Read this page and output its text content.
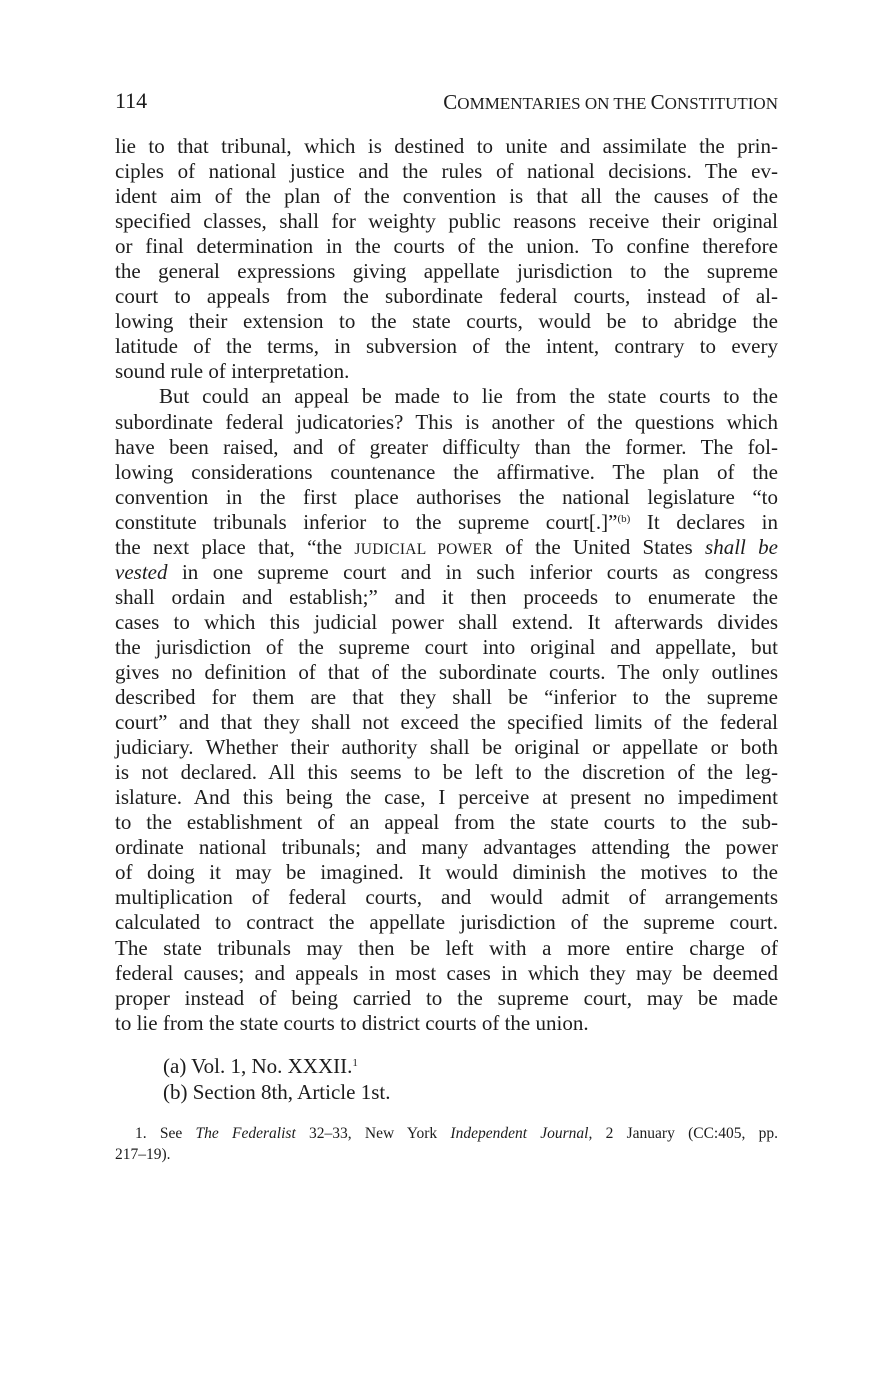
114	COMMENTARIES ON THE CONSTITUTION
lie to that tribunal, which is destined to unite and assimilate the prin-
ciples of national justice and the rules of national decisions. The ev-
ident aim of the plan of the convention is that all the causes of the
specified classes, shall for weighty public reasons receive their original
or final determination in the courts of the union. To confine therefore
the general expressions giving appellate jurisdiction to the supreme
court to appeals from the subordinate federal courts, instead of al-
lowing their extension to the state courts, would be to abridge the
latitude of the terms, in subversion of the intent, contrary to every
sound rule of interpretation.
But could an appeal be made to lie from the state courts to the
subordinate federal judicatories? This is another of the questions which
have been raised, and of greater difficulty than the former. The fol-
lowing considerations countenance the affirmative. The plan of the
convention in the first place authorises the national legislature “to
constitute tribunals inferior to the supreme court[.]”$^{(b)}$ It declares in
the next place that, “the JUDICIAL POWER of the United States shall be
vested in one supreme court and in such inferior courts as congress
shall ordain and establish;” and it then proceeds to enumerate the
cases to which this judicial power shall extend. It afterwards divides
the jurisdiction of the supreme court into original and appellate, but
gives no definition of that of the subordinate courts. The only outlines
described for them are that they shall be “inferior to the supreme
court” and that they shall not exceed the specified limits of the federal
judiciary. Whether their authority shall be original or appellate or both
is not declared. All this seems to be left to the discretion of the leg-
islature. And this being the case, I perceive at present no impediment
to the establishment of an appeal from the state courts to the sub-
ordinate national tribunals; and many advantages attending the power
of doing it may be imagined. It would diminish the motives to the
multiplication of federal courts, and would admit of arrangements
calculated to contract the appellate jurisdiction of the supreme court.
The state tribunals may then be left with a more entire charge of
federal causes; and appeals in most cases in which they may be deemed
proper instead of being carried to the supreme court, may be made
to lie from the state courts to district courts of the union.
(a) Vol. 1, No. XXXII.$^1$
(b) Section 8th, Article 1st.
1. See The Federalist 32–33, New York Independent Journal, 2 January (CC:405, pp.
217–19).
